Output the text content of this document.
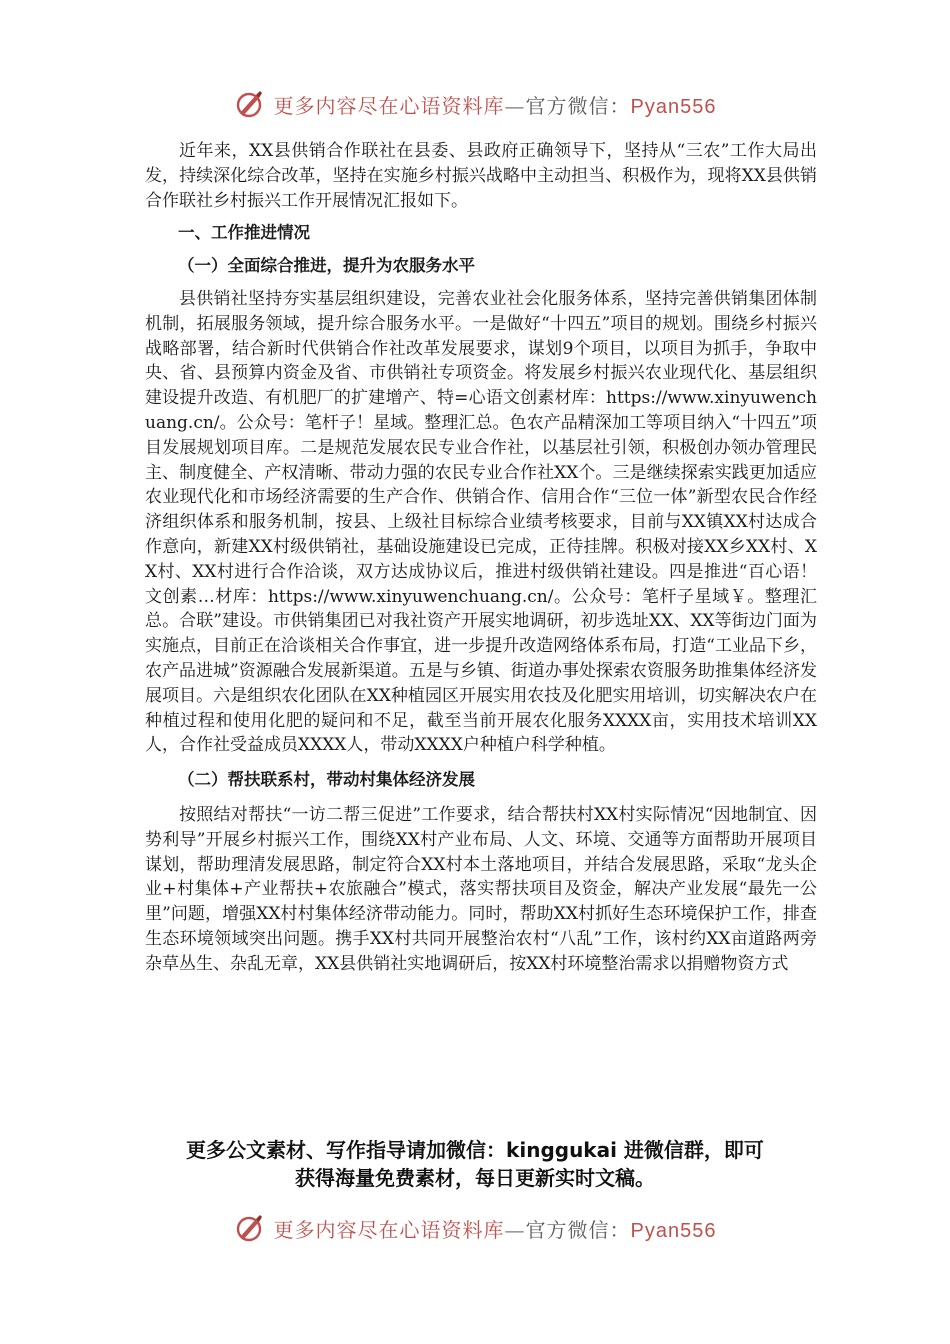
更多内容尽在心语资料库—官方微信：Pyan556

近年来，XX县供销合作联社在县委、县政府正确领导下，坚持从“三农”工作大局出发，持续深化综合改革，坚持在实施乡村振兴战略中主动担当、积极作为，现将XX县供销合作联社乡村振兴工作开展情况汇报如下。

一、工作推进情况

（一）全面综合推进，提升为农服务水平

县供销社坚持夯实基层组织建设，完善农业社会化服务体系，坚持完善供销集团体制机制，拓展服务领域，提升综合服务水平。一是做好“十四五”项目的规划。围绕乡村振兴战略部署，结合新时代供销合作社改革发展要求，谋划9个项目，以项目为抓手，争取中央、省、县预算内资金及省、市供销社专项资金。将发展乡村振兴农业现代化、基层组织建设提升改造、有机肥厂的扩建增产、特=心语文创素材库：https://www.xinyuwenchuang.cn/。公众号：笔杆子！星域。整理汇总。色农产品精深加工等项目纳入“十四五”项目发展规划项目库。二是规范发展农民专业合作社，以基层社引领，积极创办领办管理民主、制度健全、产权清晰、带动力强的农民专业合作社XX个。三是继续探索实践更加适应农业现代化和市场经济需要的生产合作、供销合作、信用合作“三位一体”新型农民合作经济组织体系和服务机制，按县、上级社目标综合业绩考核要求，目前与XX镇XX村达成合作意向，新建XX村级供销社，基础设施建设已完成，正待挂牌。积极对接XX乡XX村、XX村、XX村进行合作洽谈，双方达成协议后，推进村级供销社建设。四是推进“百心语！文创素…材库：https://www.xinyuwenchuang.cn/。公众号：笔杆子星域￥。整理汇总。合联”建设。市供销集团已对我社资产开展实地调研，初步选址XX、XX等街边门面为实施点，目前正在洽谈相关合作事宜，进一步提升改造网络体系布局，打造“工业品下乡，农产品进城”资源融合发展新渠道。五是与乡镇、街道办事处探索农资服务助推集体经济发展项目。六是组织农化团队在XX种植园区开展实用农技及化肥实用培训，切实解决农户在种植过程和使用化肥的疑问和不足，截至当前开展农化服务XXXX亩，实用技术培训XX人，合作社受益成员XXXX人，带动XXXX户种植户科学种植。

（二）帮扶联系村，带动村集体经济发展

按照结对帮扶“一访二帮三促进”工作要求，结合帮扶村XX村实际情况“因地制宜、因势利导”开展乡村振兴工作，围绕XX村产业布局、人文、环境、交通等方面帮助开展项目谋划，帮助理清发展思路，制定符合XX村本土落地项目，并结合发展思路，采取“龙头企业+村集体+产业帮扶+农旅融合”模式，落实帮扶项目及资金，解决产业发展“最先一公里”问题，增强XX村村集体经济带动能力。同时，帮助XX村抓好生态环境保护工作，排查生态环境领域突出问题。携手XX村共同开展整治农村“八乱”工作，该村约XX亩道路两旁杂草丛生、杂乱无章，XX县供销社实地调研后，按XX村环境整治需求以捐赠物资方式

更多公文素材、写作指导请加微信：kinggukai 进微信群，即可
获得海量免费素材，每日更新实时文稿。
更多内容尽在心语资料库—官方微信：Pyan556
